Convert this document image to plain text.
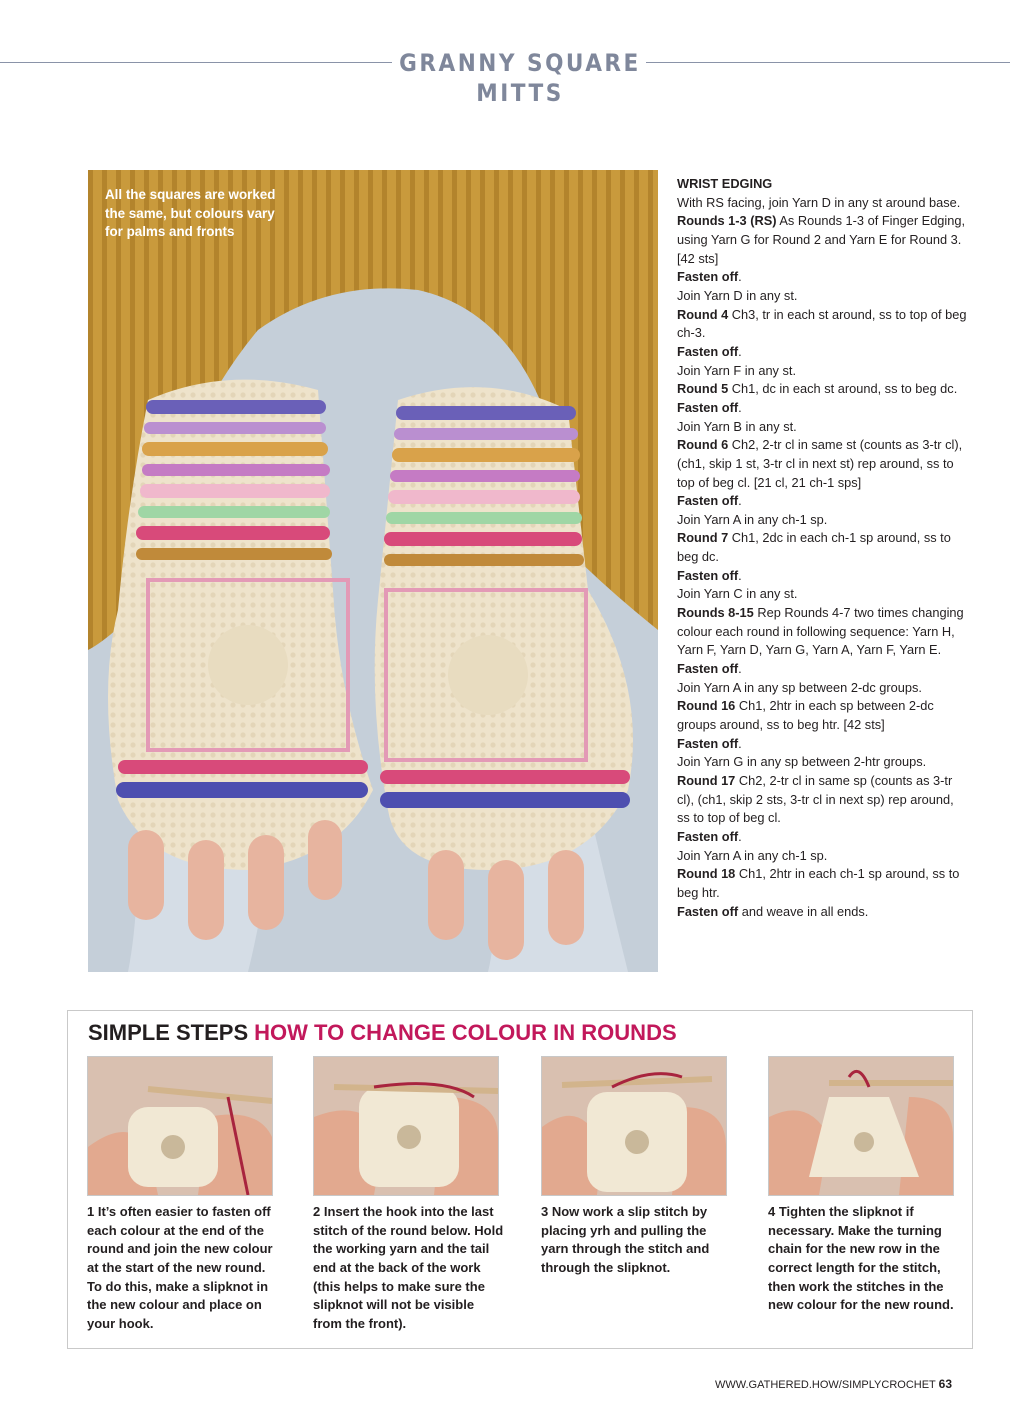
GRANNY SQUARE MITTS
All the squares are worked the same, but colours vary for palms and fronts

WRIST EDGING

With RS facing, join Yarn D in any st around base.

Rounds 1-3 (RS) As Rounds 1-3 of Finger Edging, using Yarn G for Round 2 and Yarn E for Round 3. [42 sts]

Fasten off.

Join Yarn D in any st.

Round 4 Ch3, tr in each st around, ss to top of beg ch-3.

Fasten off.

Join Yarn F in any st.

Round 5 Ch1, dc in each st around, ss to beg dc.

Fasten off.

Join Yarn B in any st.

Round 6 Ch2, 2-tr cl in same st (counts as 3-tr cl), (ch1, skip 1 st, 3-tr cl in next st) rep around, ss to top of beg cl. [21 cl, 21 ch-1 sps]

Fasten off.

Join Yarn A in any ch-1 sp.

Round 7 Ch1, 2dc in each ch-1 sp around, ss to beg dc.

Fasten off.

Join Yarn C in any st.

Rounds 8-15 Rep Rounds 4-7 two times changing colour each round in following sequence: Yarn H, Yarn F, Yarn D, Yarn G, Yarn A, Yarn F, Yarn E.

Fasten off.

Join Yarn A in any sp between 2-dc groups.

Round 16 Ch1, 2htr in each sp between 2-dc groups around, ss to beg htr. [42 sts]

Fasten off.

Join Yarn G in any sp between 2-htr groups.

Round 17 Ch2, 2-tr cl in same sp (counts as 3-tr cl), (ch1, skip 2 sts, 3-tr cl in next sp) rep around, ss to top of beg cl.

Fasten off.

Join Yarn A in any ch-1 sp.

Round 18 Ch1, 2htr in each ch-1 sp around, ss to beg htr.

Fasten off and weave in all ends.

SIMPLE STEPS HOW TO CHANGE COLOUR IN ROUNDS
1 It’s often easier to fasten off each colour at the end of the round and join the new colour at the start of the new round. To do this, make a slipknot in the new colour and place on your hook.
2 Insert the hook into the last stitch of the round below. Hold the working yarn and the tail end at the back of the work (this helps to make sure the slipknot will not be visible from the front).
3 Now work a slip stitch by placing yrh and pulling the yarn through the stitch and through the slipknot.
4 Tighten the slipknot if necessary. Make the turning chain for the new row in the correct length for the stitch, then work the stitches in the new colour for the new round.
WWW.GATHERED.HOW/SIMPLYCROCHET 63
